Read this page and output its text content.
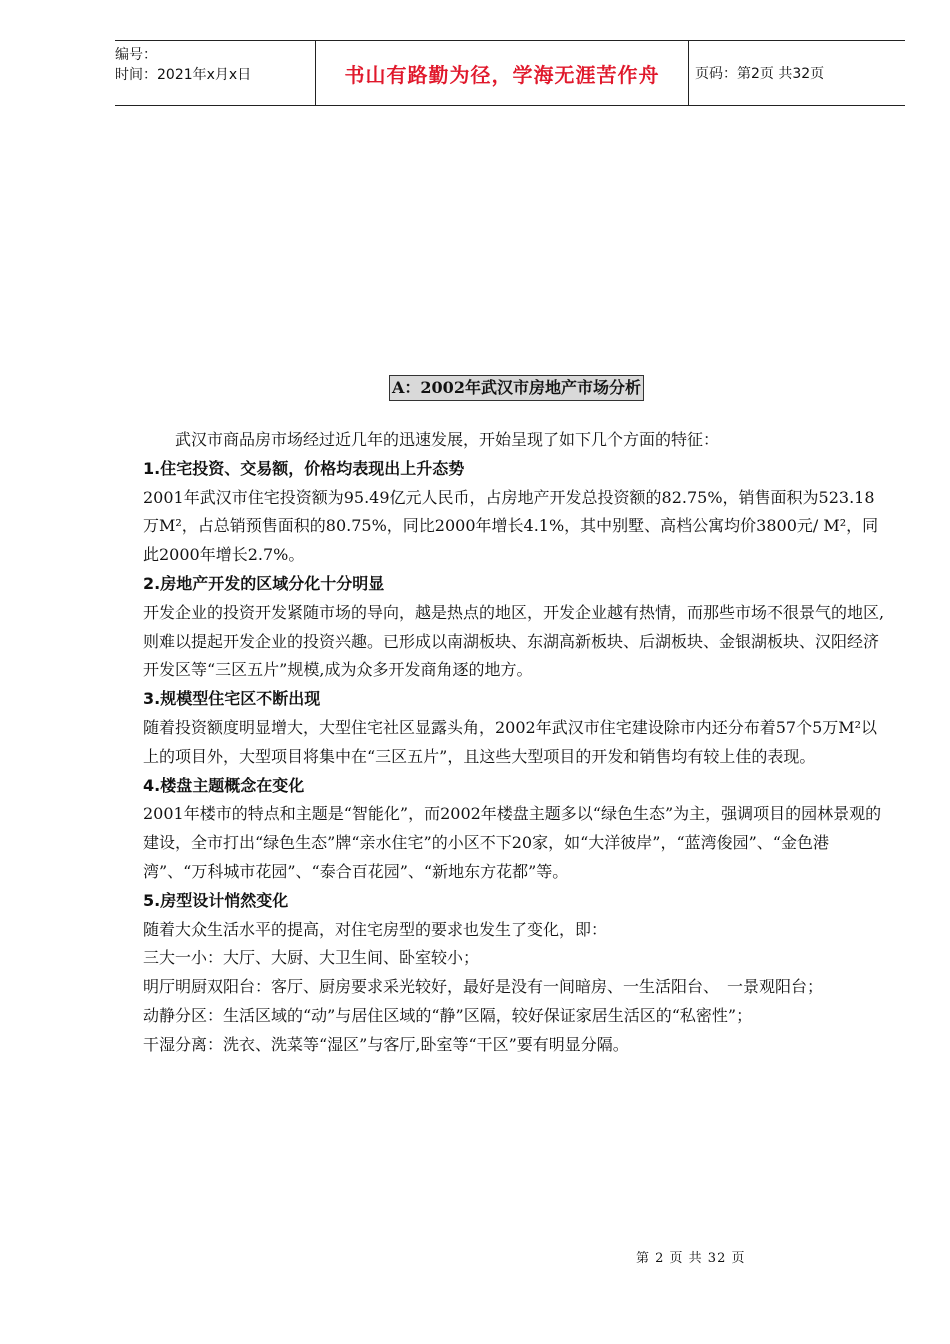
编号：
时间：2021年x月x日	书山有路勤为径，学海无涯苦作舟	页码：第2页 共32页
A：2002年武汉市房地产市场分析

　　武汉市商品房市场经过近几年的迅速发展，开始呈现了如下几个方面的特征：

1.住宅投资、交易额，价格均表现出上升态势

2001年武汉市住宅投资额为95.49亿元人民币，占房地产开发总投资额的82.75%，销售面积为523.18万M²，占总销预售面积的80.75%，同比2000年增长4.1%，其中别墅、高档公寓均价3800元/ M²，同此2000年增长2.7%。

2.房地产开发的区域分化十分明显

开发企业的投资开发紧随市场的导向，越是热点的地区，开发企业越有热情，而那些市场不很景气的地区,则难以提起开发企业的投资兴趣。已形成以南湖板块、东湖高新板块、后湖板块、金银湖板块、汉阳经济开发区等“三区五片”规模,成为众多开发商角逐的地方。

3.规模型住宅区不断出现

随着投资额度明显增大，大型住宅社区显露头角，2002年武汉市住宅建设除市内还分布着57个5万M²以上的项目外，大型项目将集中在“三区五片”，且这些大型项目的开发和销售均有较上佳的表现。

4.楼盘主题概念在变化

2001年楼市的特点和主题是“智能化”，而2002年楼盘主题多以“绿色生态”为主，强调项目的园林景观的建设，全市打出“绿色生态”牌“亲水住宅”的小区不下20家，如“大洋彼岸”，“蓝湾俊园”、“金色港湾”、“万科城市花园”、“泰合百花园”、“新地东方花都”等。

5.房型设计悄然变化

随着大众生活水平的提高，对住宅房型的要求也发生了变化，即：

三大一小：大厅、大厨、大卫生间、卧室较小；

明厅明厨双阳台：客厅、厨房要求采光较好，最好是没有一间暗房、一生活阳台、　一景观阳台；

动静分区：生活区域的“动”与居住区域的“静”区隔，较好保证家居生活区的“私密性”；

干湿分离：洗衣、洗菜等“湿区”与客厅,卧室等“干区”要有明显分隔。

第 2 页 共 32 页
